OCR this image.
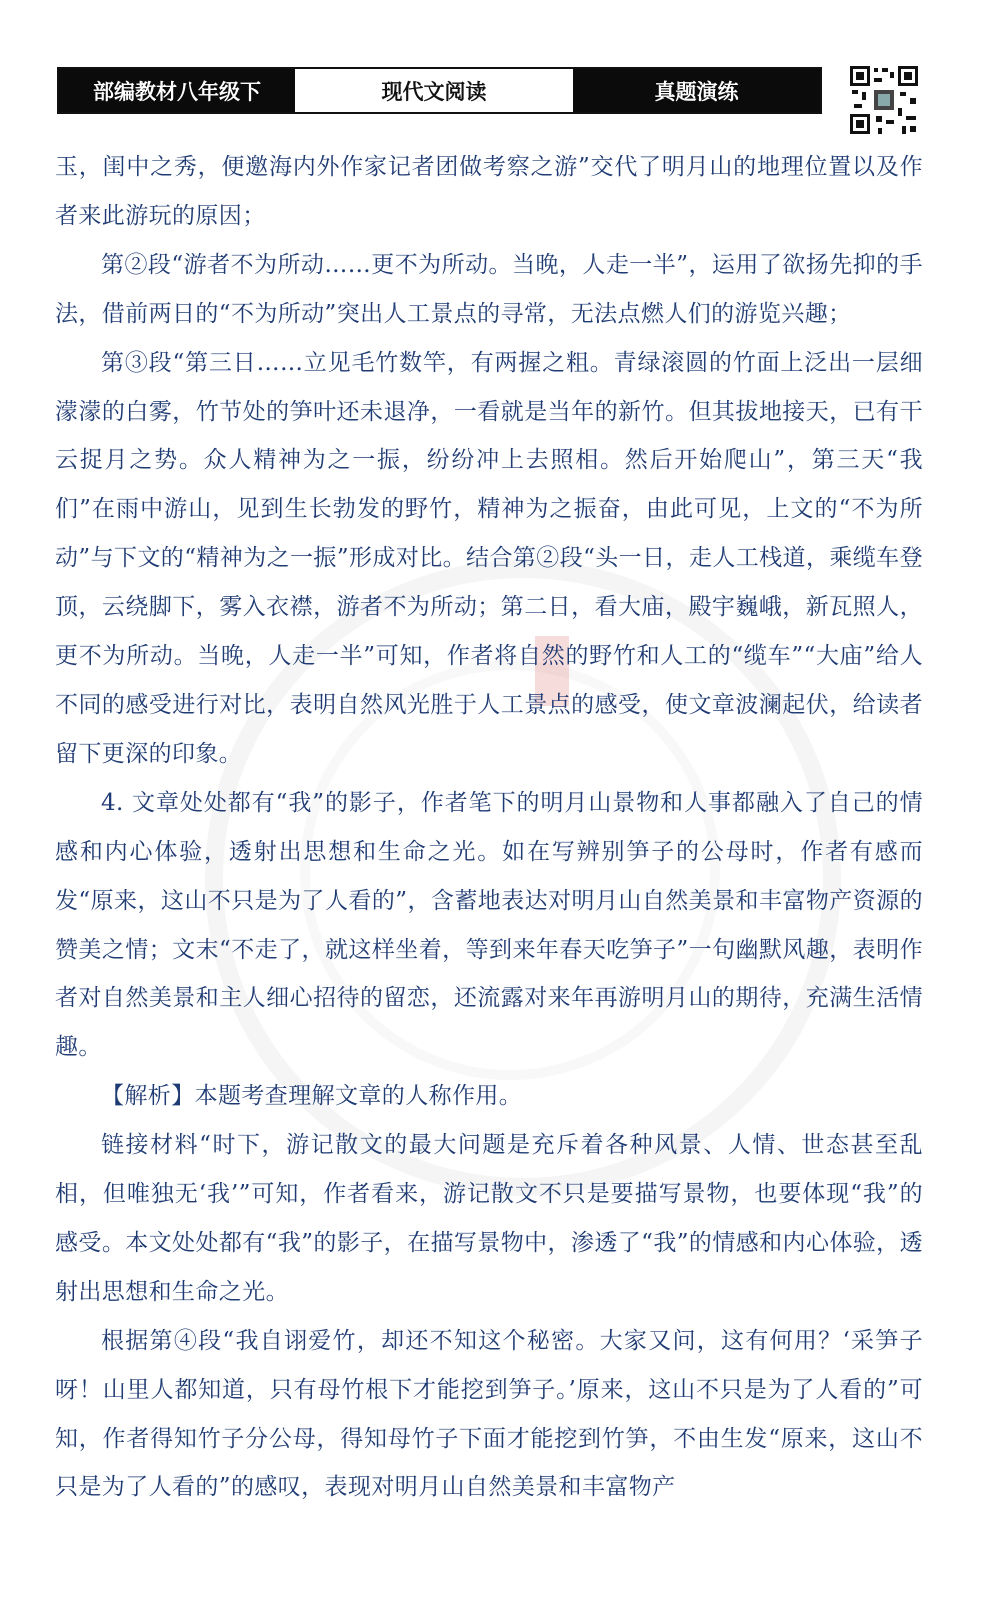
部编教材八年级下	现代文阅读	真题演练

玉，闺中之秀，便邀海内外作家记者团做考察之游”交代了明月山的地理位置以及作者来此游玩的原因；

第②段“游者不为所动……更不为所动。当晚，人走一半”，运用了欲扬先抑的手法，借前两日的“不为所动”突出人工景点的寻常，无法点燃人们的游览兴趣；

第③段“第三日……立见毛竹数竿，有两握之粗。青绿滚圆的竹面上泛出一层细濛濛的白雾，竹节处的笋叶还未退净，一看就是当年的新竹。但其拔地接天，已有干云捉月之势。众人精神为之一振，纷纷冲上去照相。然后开始爬山”，第三天“我们”在雨中游山，见到生长勃发的野竹，精神为之振奋，由此可见，上文的“不为所动”与下文的“精神为之一振”形成对比。结合第②段“头一日，走人工栈道，乘缆车登顶，云绕脚下，雾入衣襟，游者不为所动；第二日，看大庙，殿宇巍峨，新瓦照人，更不为所动。当晚，人走一半”可知，作者将自然的野竹和人工的“缆车”“大庙”给人不同的感受进行对比，表明自然风光胜于人工景点的感受，使文章波澜起伏，给读者留下更深的印象。

4. 文章处处都有“我”的影子，作者笔下的明月山景物和人事都融入了自己的情感和内心体验，透射出思想和生命之光。如在写辨别笋子的公母时，作者有感而发“原来，这山不只是为了人看的”，含蓄地表达对明月山自然美景和丰富物产资源的赞美之情；文末“不走了，就这样坐着，等到来年春天吃笋子”一句幽默风趣，表明作者对自然美景和主人细心招待的留恋，还流露对来年再游明月山的期待，充满生活情趣。

【解析】本题考查理解文章的人称作用。

链接材料“时下，游记散文的最大问题是充斥着各种风景、人情、世态甚至乱相，但唯独无‘我’”可知，作者看来，游记散文不只是要描写景物，也要体现“我”的感受。本文处处都有“我”的影子，在描写景物中，渗透了“我”的情感和内心体验，透射出思想和生命之光。

根据第④段“我自诩爱竹，却还不知这个秘密。大家又问，这有何用？‘采笋子呀！山里人都知道，只有母竹根下才能挖到笋子。’原来，这山不只是为了人看的”可知，作者得知竹子分公母，得知母竹子下面才能挖到竹笋，不由生发“原来，这山不只是为了人看的”的感叹，表现对明月山自然美景和丰富物产
